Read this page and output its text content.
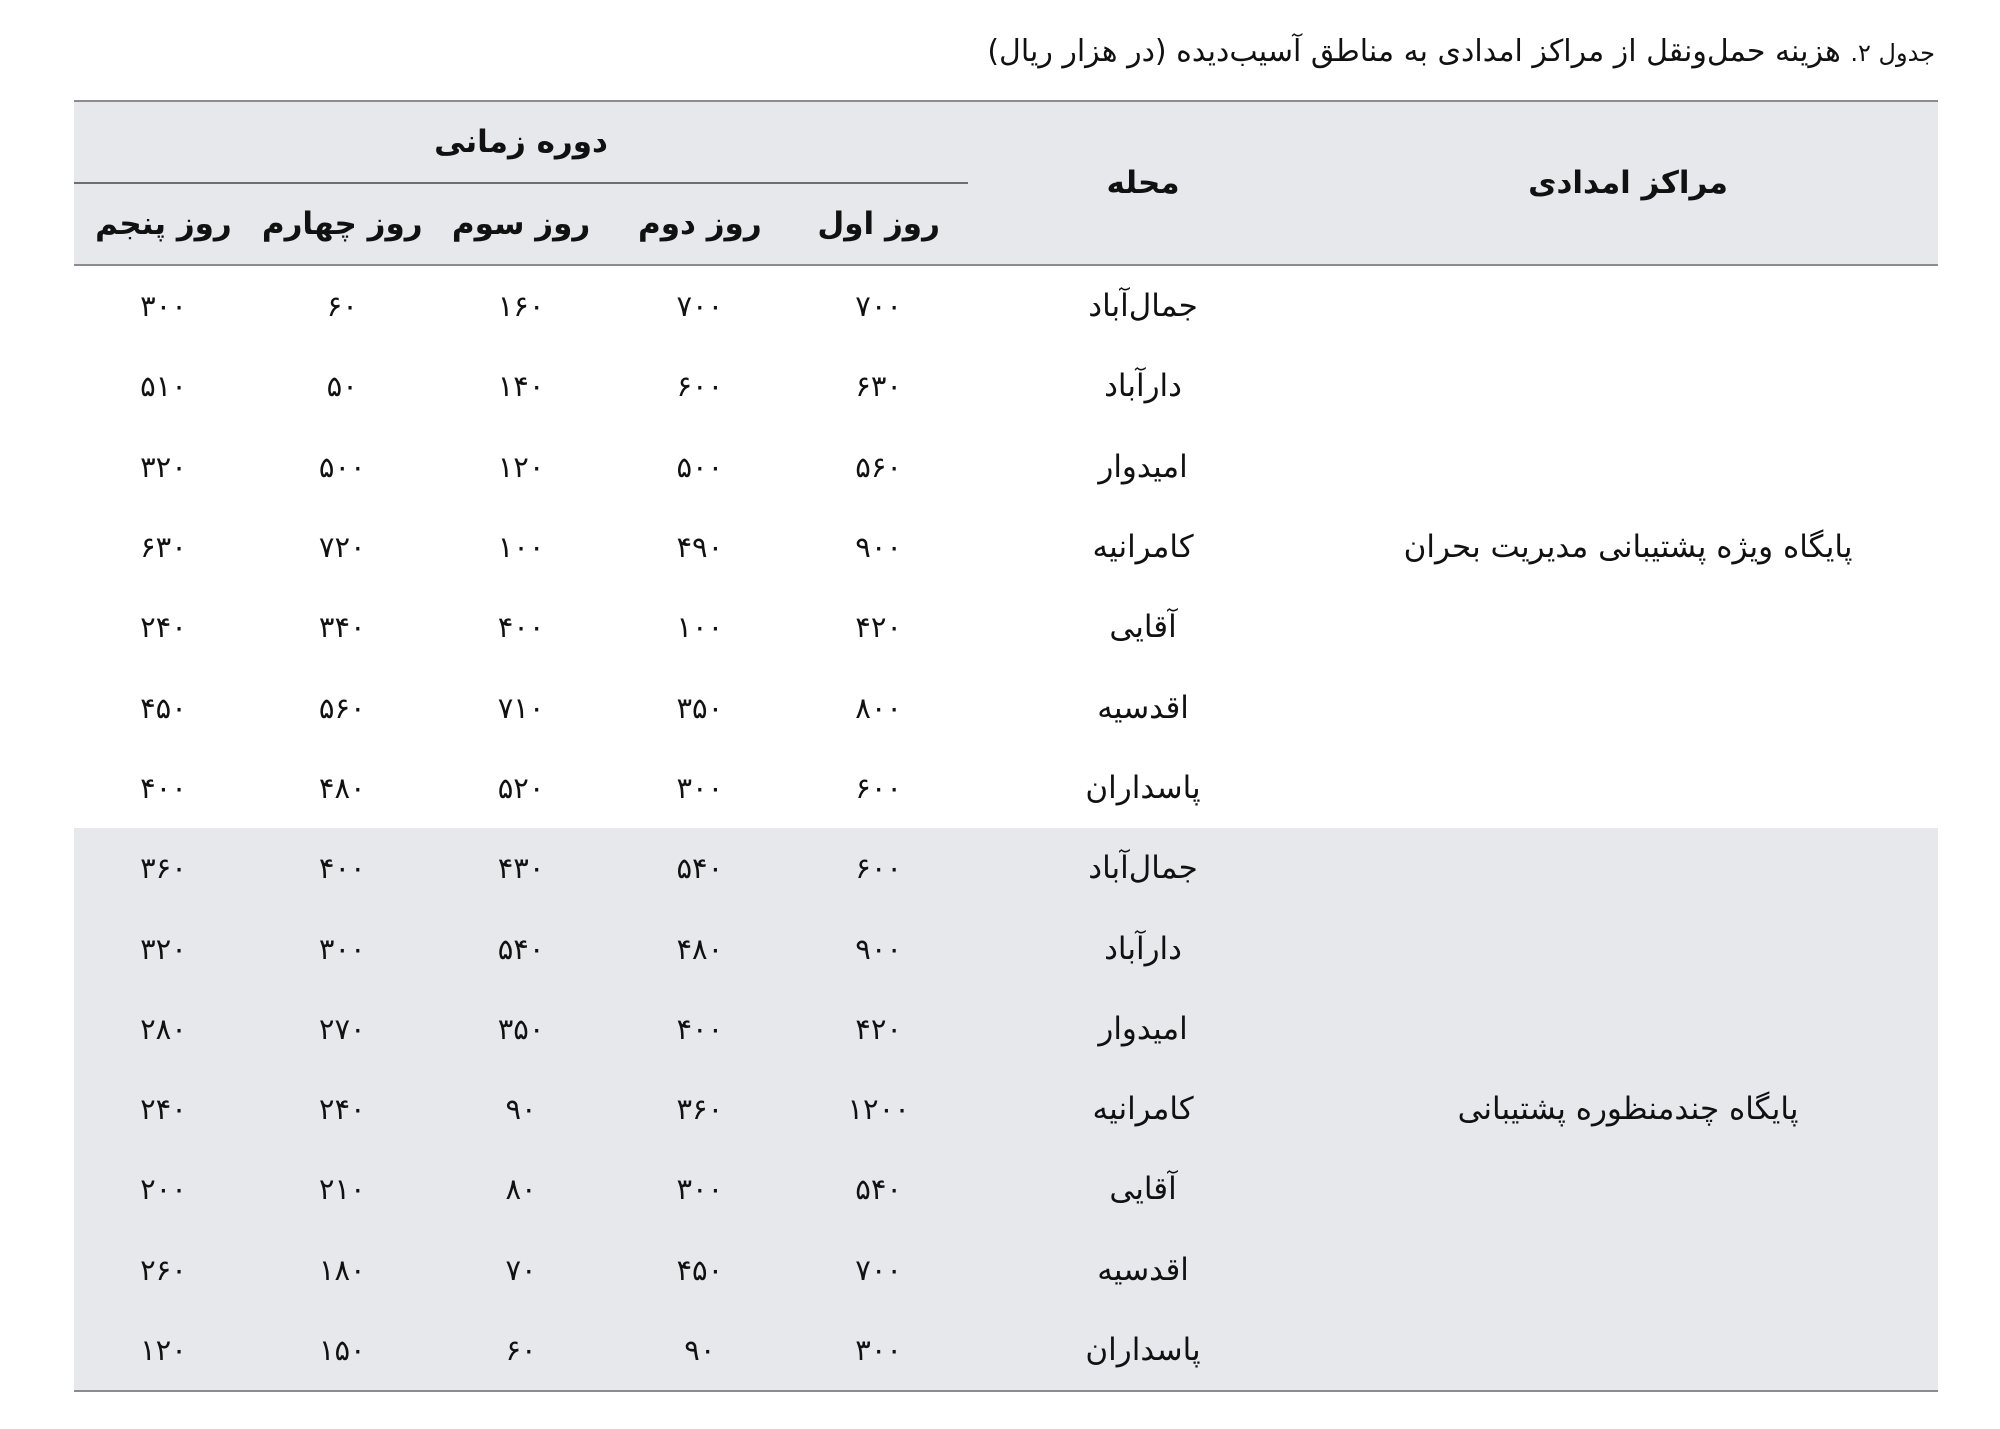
جدول ۲. هزینه حمل‌ونقل از مراکز امدادی به مناطق آسیب‌دیده (در هزار ریال)
مراکز امدادی	محله	دوره زمانی				
		روز اول	روز دوم	روز سوم	روز چهارم	روز پنجم
پایگاه ویژه پشتیبانی مدیریت بحران	جمال‌آباد	۷۰۰	۷۰۰	۱۶۰	۶۰	۳۰۰
	دارآباد	۶۳۰	۶۰۰	۱۴۰	۵۰	۵۱۰
	امیدوار	۵۶۰	۵۰۰	۱۲۰	۵۰۰	۳۲۰
	کامرانیه	۹۰۰	۴۹۰	۱۰۰	۷۲۰	۶۳۰
	آقایی	۴۲۰	۱۰۰	۴۰۰	۳۴۰	۲۴۰
	اقدسیه	۸۰۰	۳۵۰	۷۱۰	۵۶۰	۴۵۰
	پاسداران	۶۰۰	۳۰۰	۵۲۰	۴۸۰	۴۰۰
پایگاه چندمنظوره پشتیبانی	جمال‌آباد	۶۰۰	۵۴۰	۴۳۰	۴۰۰	۳۶۰
	دارآباد	۹۰۰	۴۸۰	۵۴۰	۳۰۰	۳۲۰
	امیدوار	۴۲۰	۴۰۰	۳۵۰	۲۷۰	۲۸۰
	کامرانیه	۱۲۰۰	۳۶۰	۹۰	۲۴۰	۲۴۰
	آقایی	۵۴۰	۳۰۰	۸۰	۲۱۰	۲۰۰
	اقدسیه	۷۰۰	۴۵۰	۷۰	۱۸۰	۲۶۰
	پاسداران	۳۰۰	۹۰	۶۰	۱۵۰	۱۲۰
